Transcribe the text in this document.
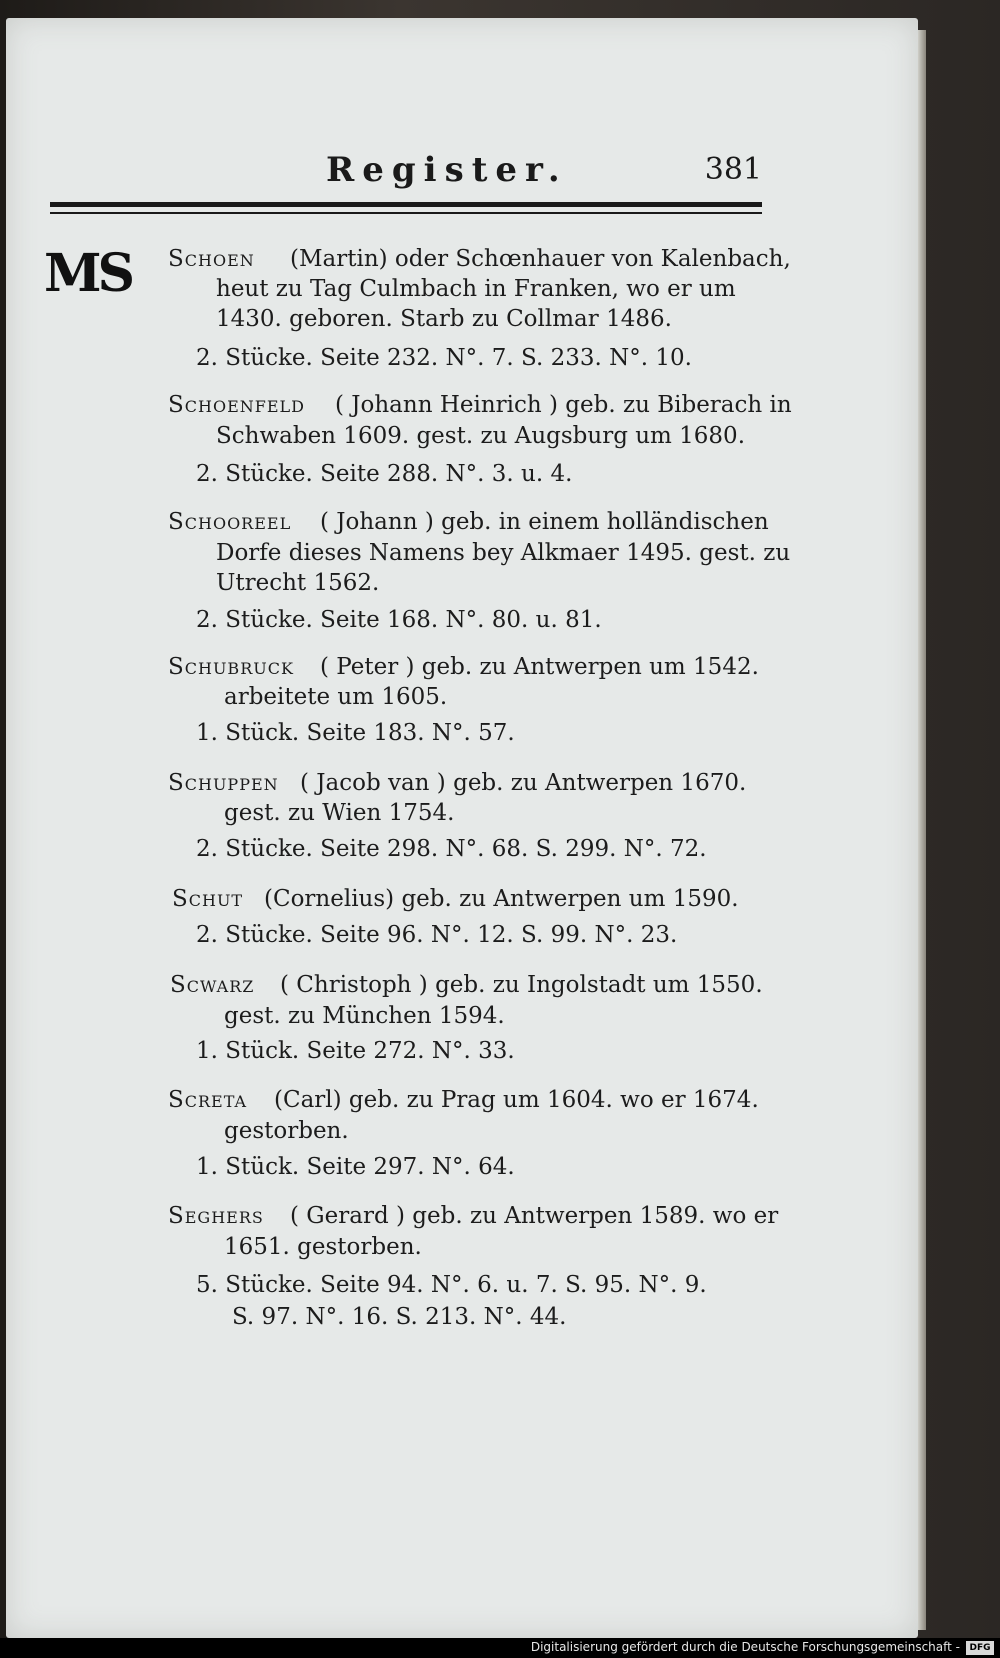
Register.	381
MS	Schoen (Martin) oder Schœnhauer von Kalenbach,
heut zu Tag Culmbach in Franken, wo er um
1430. geboren. Starb zu Collmar 1486.
2. Stücke. Seite 232. N°. 7. S. 233. N°. 10.
Schoenfeld ( Johann Heinrich ) geb. zu Biberach in
Schwaben 1609. gest. zu Augsburg um 1680.
2. Stücke. Seite 288. N°. 3. u. 4.
Schooreel ( Johann ) geb. in einem holländischen
Dorfe dieses Namens bey Alkmaer 1495. gest. zu
Utrecht 1562.
2. Stücke. Seite 168. N°. 80. u. 81.
Schubruck ( Peter ) geb. zu Antwerpen um 1542.
arbeitete um 1605.
1. Stück. Seite 183. N°. 57.
Schuppen ( Jacob van ) geb. zu Antwerpen 1670.
gest. zu Wien 1754.
2. Stücke. Seite 298. N°. 68. S. 299. N°. 72.
Schut (Cornelius) geb. zu Antwerpen um 1590.
2. Stücke. Seite 96. N°. 12. S. 99. N°. 23.
Scwarz ( Christoph ) geb. zu Ingolstadt um 1550.
gest. zu München 1594.
1. Stück. Seite 272. N°. 33.
Screta (Carl) geb. zu Prag um 1604. wo er 1674.
gestorben.
1. Stück. Seite 297. N°. 64.
Seghers ( Gerard ) geb. zu Antwerpen 1589. wo er
1651. gestorben.
5. Stücke. Seite 94. N°. 6. u. 7. S. 95. N°. 9.
S. 97. N°. 16. S. 213. N°. 44.
Digitalisierung gefördert durch die Deutsche Forschungsgemeinschaft -	DFG
